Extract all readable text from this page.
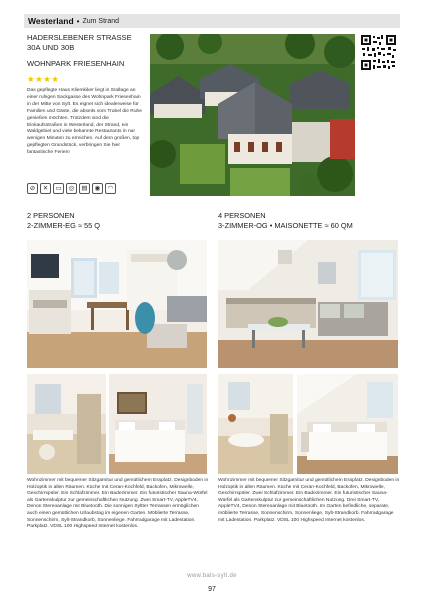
Westerland • Zum Strand
HADERSLEBENER STRASSE 30A UND 30B
WOHNPARK FRIESENHAIN
★★★★
Das gepflegte Haus Kliemkiker liegt in Südlage an einer ruhigen Sackgasse des Wohnpark Friesenhain in der Mitte von Sylt. Es eignet sich idealerweise für Familien und Gäste, die abseits vom Trubel die Ruhe genießen möchten. Trotzdem sind die Einkaufsstraßen in Westerland, der Strand, ein Waldgebiet und viele bekannte Restaurants in nur wenigen Minuten zu erreichen. Auf dem großen, top gepflegten Grundstück, verbringen Sie hier fantastische Ferien!
⊘	✕	▭	◎	▤	◉	◠
2 PERSONEN
2-ZIMMER-EG ≈ 55 Q
4 PERSONEN
3-ZIMMER-OG • MAISONETTE ≈ 60 QM
Wohnzimmer mit bequemer Sitzgarnitur und gemütlichem Essplatz. Designboden in Holzoptik in allen Räumen. Küche mit Ceran-Kochfeld, Backofen, Mikrowelle, Geschirrspüler. Ein Schlafzimmer. Ein Badezimmer. Ein futuristischer Sauna-Würfel als Gartenskulptur zur gemeinschaftlichen Nutzung. Zwei Smart-TV, AppleTV4, Denon Stereoanlage mit Bluetooth. Die sonnigen Syltter Terrassen ermöglichen auch einen gemütlichen Urlaubstag im eigenen Garten. Möblierte Terrasse, Sonnenschirm, Sylt-Strandkorb, Sonnenliege. Fahrradgarage mit Ladestation. Parkplatz. VDSL 100 Highspeed Internet kostenlos.
Wohnzimmer mit bequemer Sitzgarnitur und gemütlichem Essplatz. Designboden in Holzoptik in allen Räumen. Küche mit Ceran-Kochfeld, Backofen, Mikrowelle, Geschirrspüler. Zwei Schlafzimmer. Ein Badezimmer. Ein futuristischer Sauna-Würfel als Gartenskulptur zur gemeinschaftlichen Nutzung. Drei Smart-TV, AppleTV4, Denon Stereoanlage mit Bluetooth. Im Garten befindliche, separate, möblierte Terrasse, Sonnenschirm, Sonnenliege, Sylt-Strandkorb. Fahrradgarage mit Ladestation. Parkplatz. VDSL 100 Highspeed Internet kostenlos.
www.bals-sylt.de
97
